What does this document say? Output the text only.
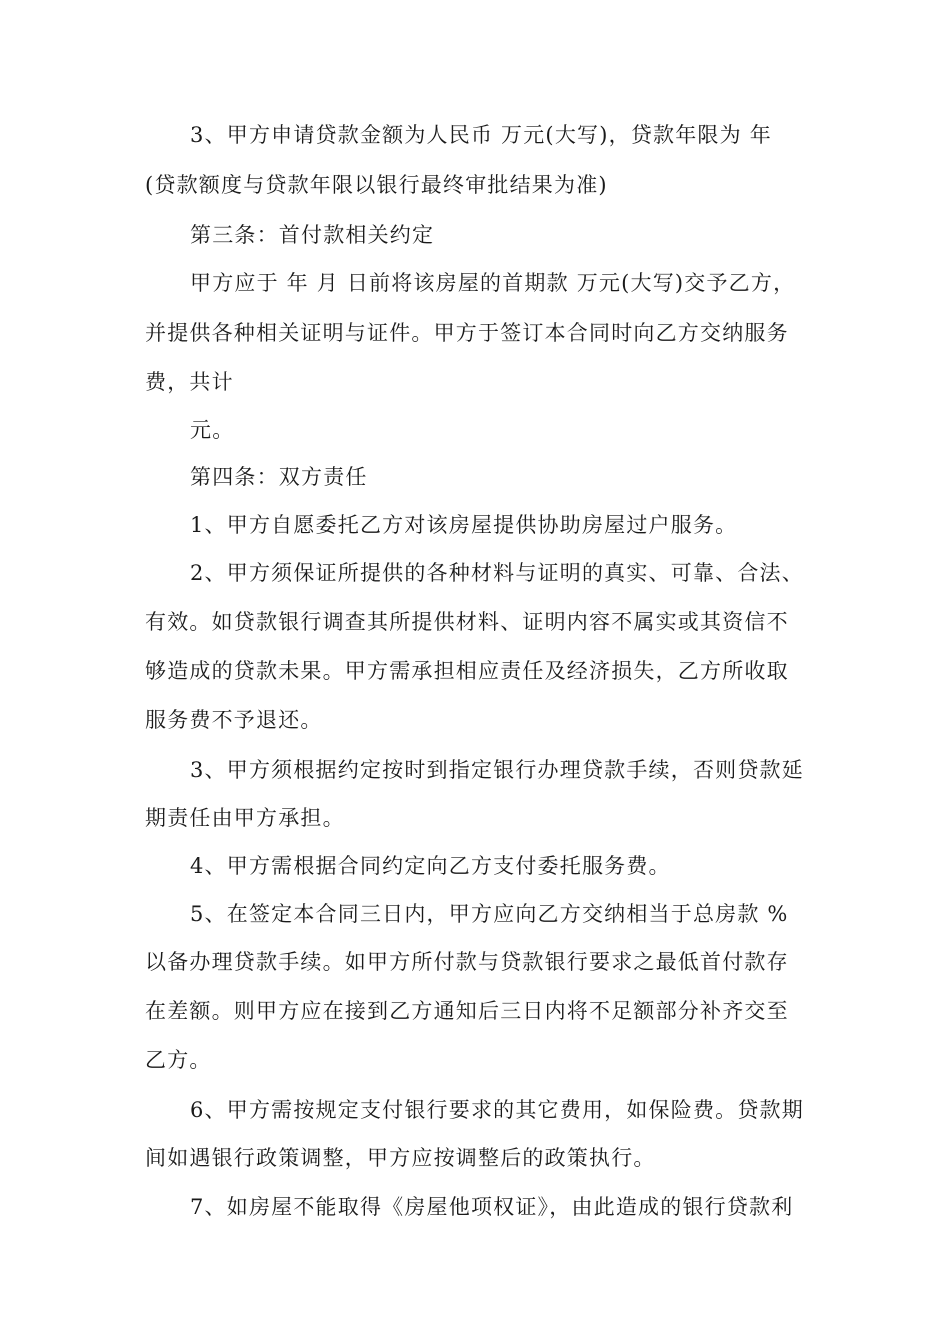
3、甲方申请贷款金额为人民币 万元(大写)，贷款年限为 年
(贷款额度与贷款年限以银行最终审批结果为准)
第三条：首付款相关约定
甲方应于 年 月 日前将该房屋的首期款 万元(大写)交予乙方，
并提供各种相关证明与证件。甲方于签订本合同时向乙方交纳服务
费，共计
元。
第四条：双方责任
1、甲方自愿委托乙方对该房屋提供协助房屋过户服务。
2、甲方须保证所提供的各种材料与证明的真实、可靠、合法、
有效。如贷款银行调查其所提供材料、证明内容不属实或其资信不
够造成的贷款未果。甲方需承担相应责任及经济损失，乙方所收取
服务费不予退还。
3、甲方须根据约定按时到指定银行办理贷款手续，否则贷款延
期责任由甲方承担。
4、甲方需根据合同约定向乙方支付委托服务费。
5、在签定本合同三日内，甲方应向乙方交纳相当于总房款 %
以备办理贷款手续。如甲方所付款与贷款银行要求之最低首付款存
在差额。则甲方应在接到乙方通知后三日内将不足额部分补齐交至
乙方。
6、甲方需按规定支付银行要求的其它费用，如保险费。贷款期
间如遇银行政策调整，甲方应按调整后的政策执行。
7、如房屋不能取得《房屋他项权证》，由此造成的银行贷款利
